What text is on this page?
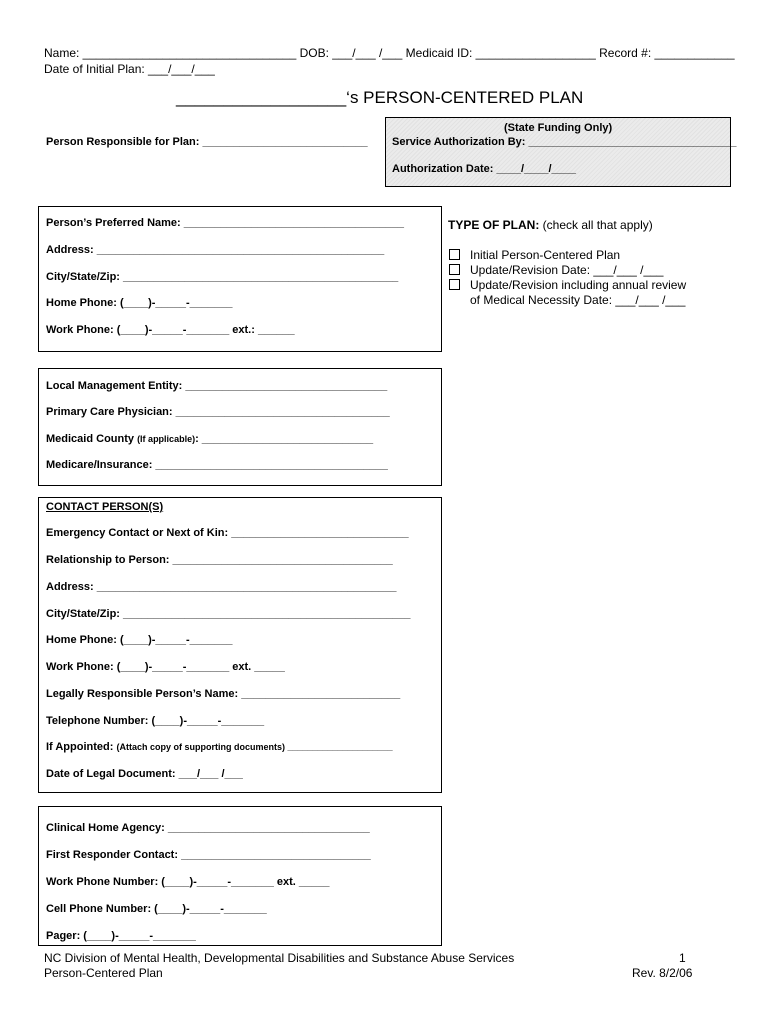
Name: ________________________________ DOB: ___/___ /___ Medicaid ID: __________________ Record #: ____________
Date of Initial Plan: ___/___/___
__________________‘s PERSON-CENTERED PLAN
Person Responsible for Plan: ___________________________
(State Funding Only)
Service Authorization By: __________________________________
Authorization Date: ____/____/____
Person’s Preferred Name: ____________________________________
Address: _______________________________________________
City/State/Zip: _____________________________________________
Home Phone: (____)-_____-_______
Work Phone: (____)-_____-_______ ext.: ______
TYPE OF PLAN: (check all that apply)
Initial Person-Centered Plan
Update/Revision Date: ___/___ /___
Update/Revision including annual review
of Medical Necessity Date: ___/___ /___
Local Management Entity: _________________________________
Primary Care Physician: ___________________________________
Medicaid County (If applicable): ____________________________
Medicare/Insurance: ______________________________________
CONTACT PERSON(S)
Emergency Contact or Next of Kin: _____________________________
Relationship to Person: ____________________________________
Address: _________________________________________________
City/State/Zip: _______________________________________________
Home Phone: (____)-_____-_______
Work Phone: (____)-_____-_______ ext. _____
Legally Responsible Person’s Name: __________________________
Telephone Number: (____)-_____-_______
If Appointed: (Attach copy of supporting documents) _____________________
Date of Legal Document: ___/___ /___
Clinical Home Agency: _________________________________
First Responder Contact: _______________________________
Work Phone Number: (____)-_____-_______ ext. _____
Cell Phone Number: (____)-_____-_______
Pager: (____)-_____-_______
NC Division of Mental Health, Developmental Disabilities and Substance Abuse Services
Person-Centered Plan
1
Rev. 8/2/06
